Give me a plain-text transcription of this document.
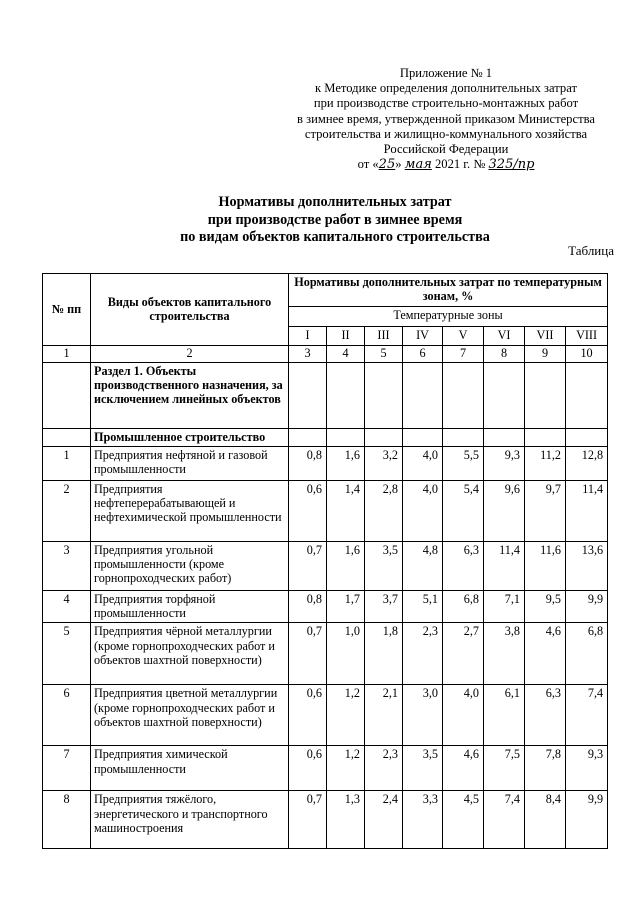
Приложение № 1
к Методике определения дополнительных затрат
при производстве строительно-монтажных работ
в зимнее время, утвержденной приказом Министерства
строительства и жилищно-коммунального хозяйства
Российской Федерации
от «25» мая 2021 г. № 325/пр
Нормативы дополнительных затрат
при производстве работ в зимнее время
по видам объектов капитального строительства
Таблица
№ пп	Виды объектов капитального строительства	Нормативы дополнительных затрат по температурным зонам, %							
		Температурные зоны							
		I	II	III	IV	V	VI	VII	VIII
1	2	3	4	5	6	7	8	9	10
	Раздел 1. Объекты производственного назначения, за исключением линейных объектов								
	Промышленное строительство								
1	Предприятия нефтяной и газовой промышленности	0,8	1,6	3,2	4,0	5,5	9,3	11,2	12,8
2	Предприятия нефтеперерабатывающей и нефтехимической промышленности	0,6	1,4	2,8	4,0	5,4	9,6	9,7	11,4
3	Предприятия угольной промышленности (кроме горнопроходческих работ)	0,7	1,6	3,5	4,8	6,3	11,4	11,6	13,6
4	Предприятия торфяной промышленности	0,8	1,7	3,7	5,1	6,8	7,1	9,5	9,9
5	Предприятия чёрной металлургии (кроме горнопроходческих работ и объектов шахтной поверхности)	0,7	1,0	1,8	2,3	2,7	3,8	4,6	6,8
6	Предприятия цветной металлургии (кроме горнопроходческих работ и объектов шахтной поверхности)	0,6	1,2	2,1	3,0	4,0	6,1	6,3	7,4
7	Предприятия химической промышленности	0,6	1,2	2,3	3,5	4,6	7,5	7,8	9,3
8	Предприятия тяжёлого, энергетического и транспортного машиностроения	0,7	1,3	2,4	3,3	4,5	7,4	8,4	9,9
